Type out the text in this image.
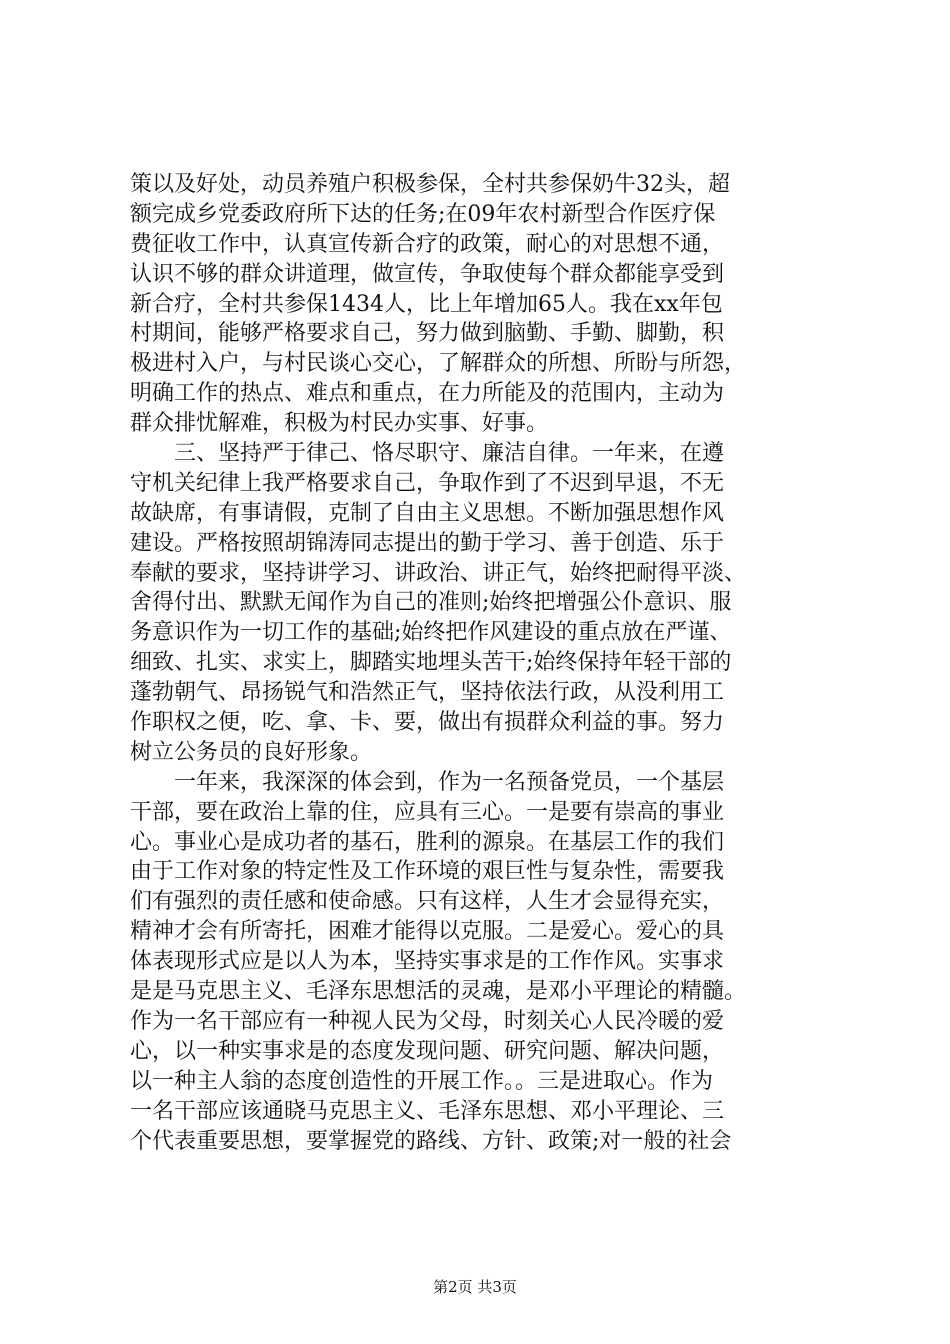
策以及好处，动员养殖户积极参保，全村共参保奶牛32头，超
额完成乡党委政府所下达的任务;在09年农村新型合作医疗保
费征收工作中，认真宣传新合疗的政策，耐心的对思想不通，
认识不够的群众讲道理，做宣传，争取使每个群众都能享受到
新合疗，全村共参保1434人，比上年增加65人。我在xx年包
村期间，能够严格要求自己，努力做到脑勤、手勤、脚勤，积
极进村入户，与村民谈心交心，了解群众的所想、所盼与所怨，
明确工作的热点、难点和重点，在力所能及的范围内，主动为
群众排忧解难，积极为村民办实事、好事。
　　三、坚持严于律己、恪尽职守、廉洁自律。一年来，在遵
守机关纪律上我严格要求自己，争取作到了不迟到早退，不无
故缺席，有事请假，克制了自由主义思想。不断加强思想作风
建设。严格按照胡锦涛同志提出的勤于学习、善于创造、乐于
奉献的要求，坚持讲学习、讲政治、讲正气，始终把耐得平淡、
舍得付出、默默无闻作为自己的准则;始终把增强公仆意识、服
务意识作为一切工作的基础;始终把作风建设的重点放在严谨、
细致、扎实、求实上，脚踏实地埋头苦干;始终保持年轻干部的
蓬勃朝气、昂扬锐气和浩然正气，坚持依法行政，从没利用工
作职权之便，吃、拿、卡、要，做出有损群众利益的事。努力
树立公务员的良好形象。
　　一年来，我深深的体会到，作为一名预备党员，一个基层
干部，要在政治上靠的住，应具有三心。一是要有崇高的事业
心。事业心是成功者的基石，胜利的源泉。在基层工作的我们
由于工作对象的特定性及工作环境的艰巨性与复杂性，需要我
们有强烈的责任感和使命感。只有这样，人生才会显得充实，
精神才会有所寄托，困难才能得以克服。二是爱心。爱心的具
体表现形式应是以人为本，坚持实事求是的工作作风。实事求
是是马克思主义、毛泽东思想活的灵魂，是邓小平理论的精髓。
作为一名干部应有一种视人民为父母，时刻关心人民冷暖的爱
心，以一种实事求是的态度发现问题、研究问题、解决问题，
以一种主人翁的态度创造性的开展工作。。三是进取心。作为
一名干部应该通晓马克思主义、毛泽东思想、邓小平理论、三
个代表重要思想，要掌握党的路线、方针、政策;对一般的社会
第2页 共3页
